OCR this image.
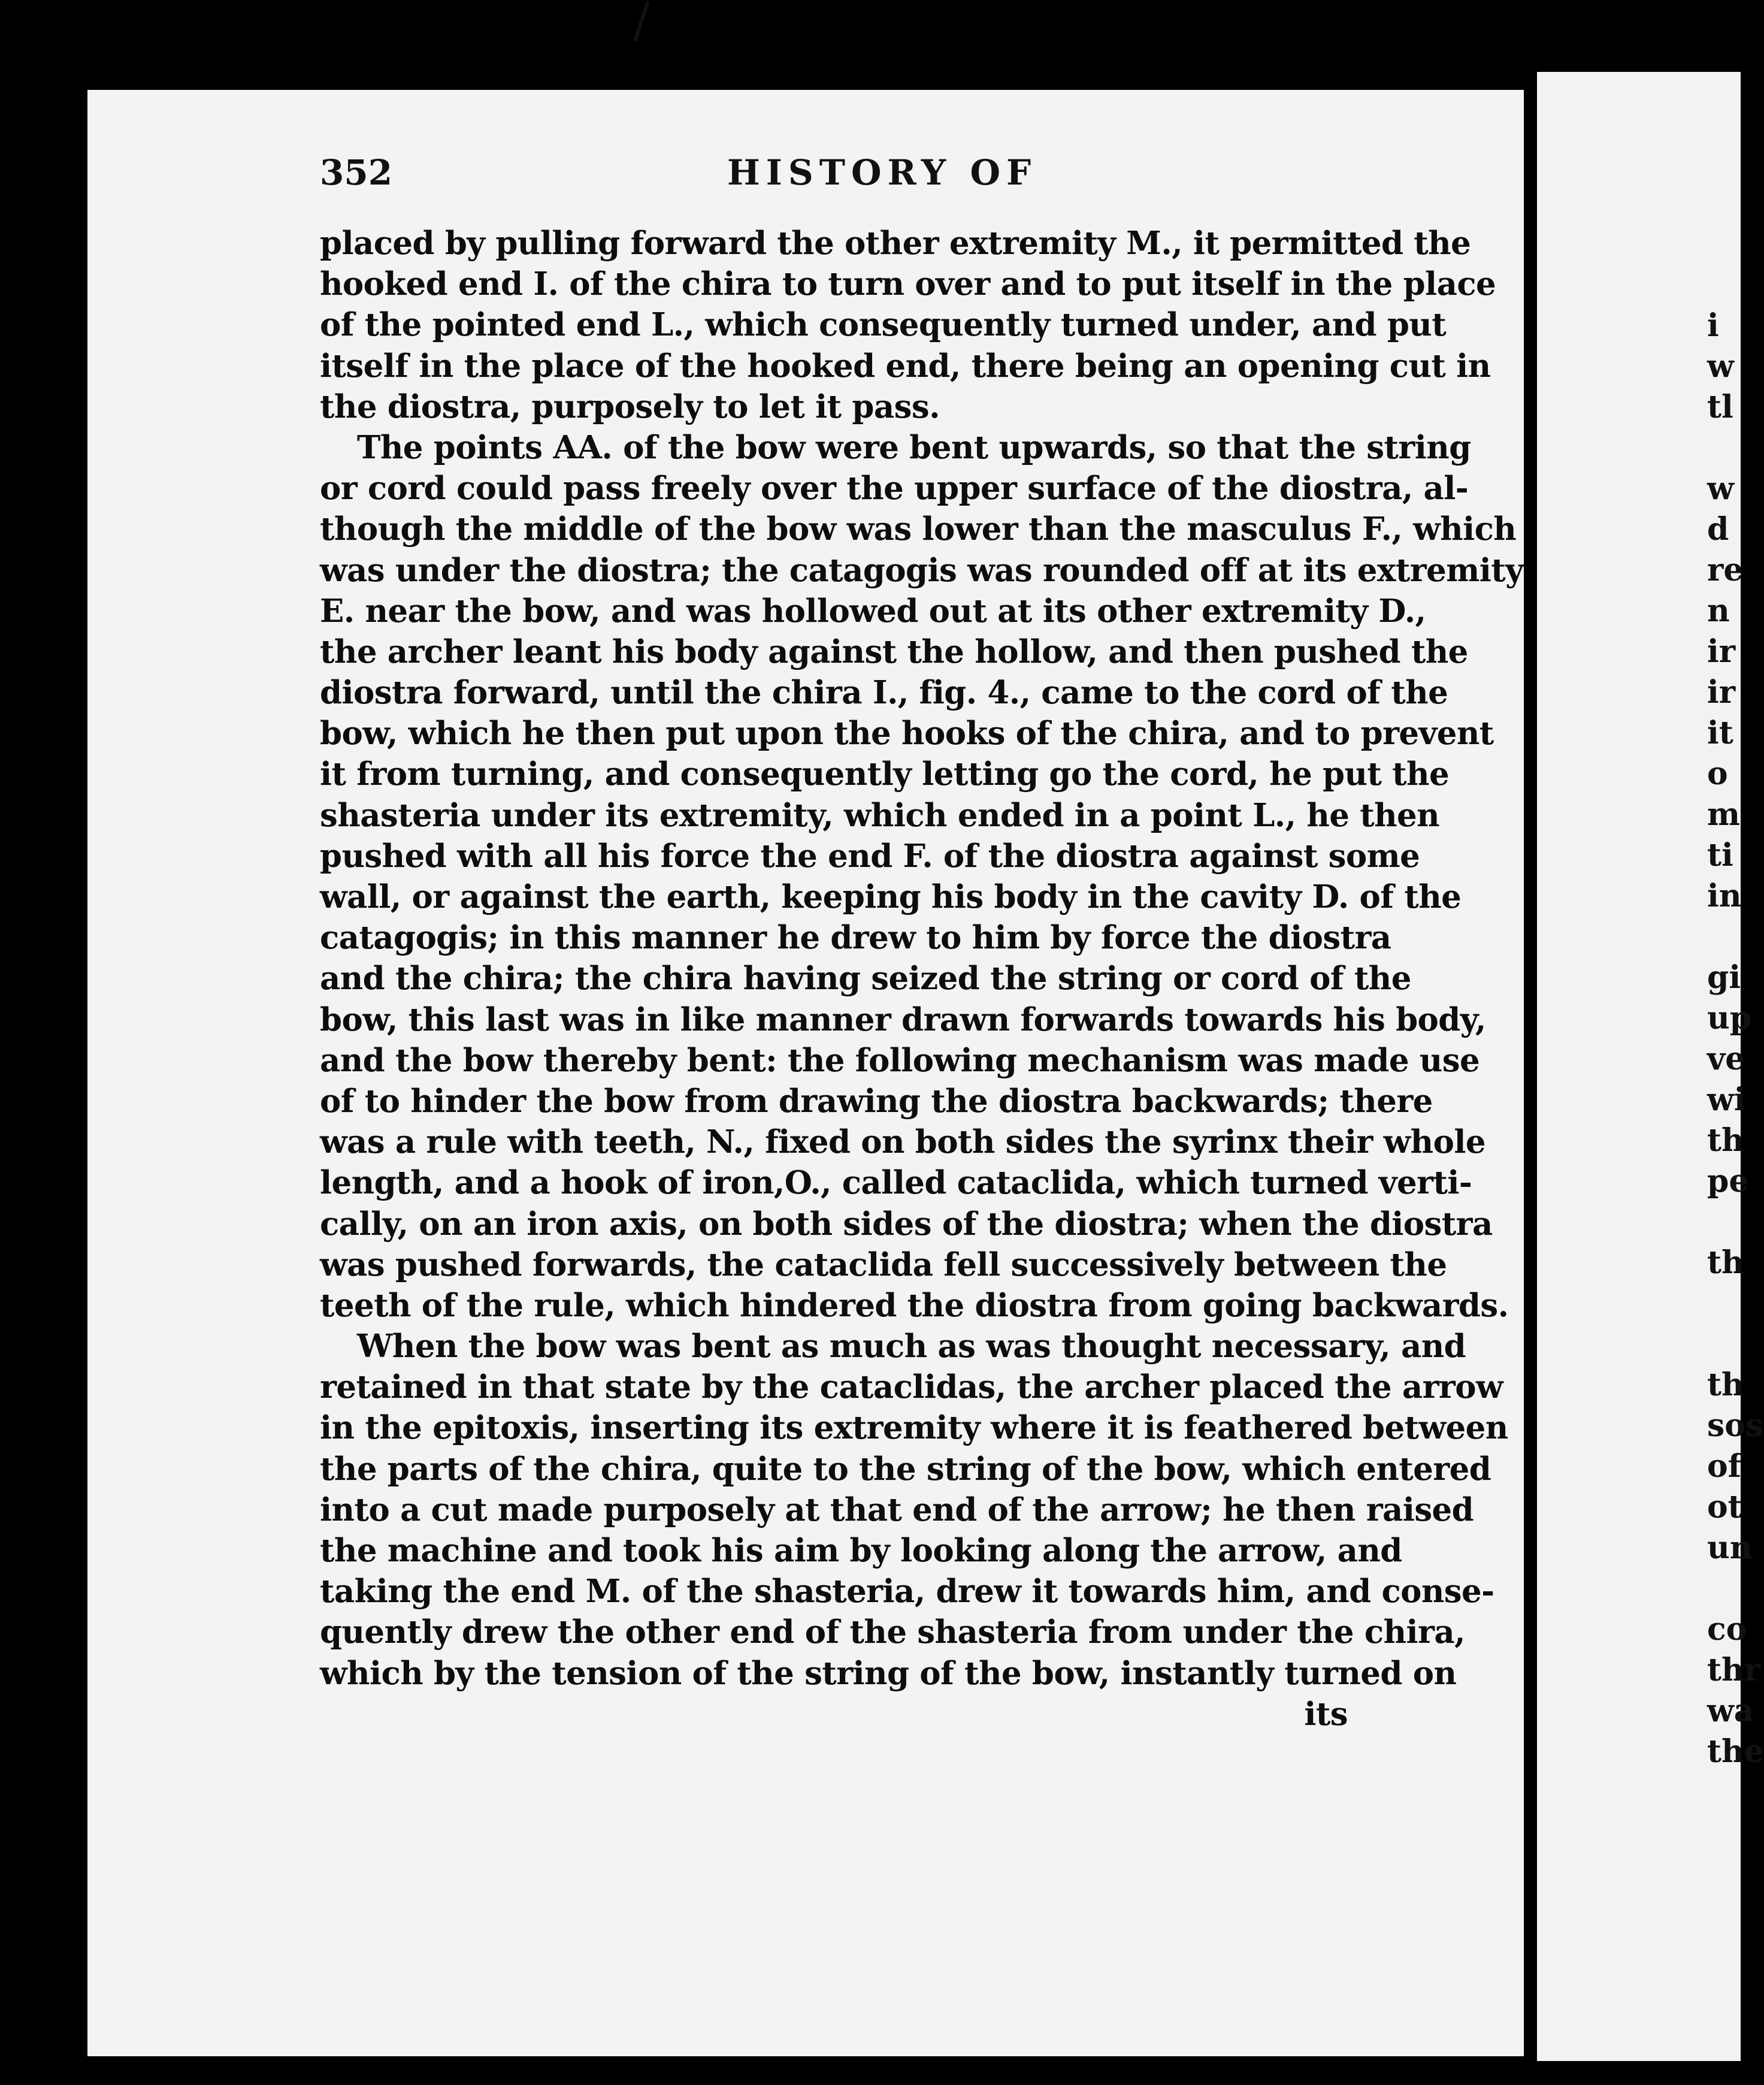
352	HISTORY OF
placed by pulling forward the other extremity M., it permitted the
hooked end I. of the chira to turn over and to put itself in the place
of the pointed end L., which consequently turned under, and put
itself in the place of the hooked end, there being an opening cut in
the diostra, purposely to let it pass.
The points AA. of the bow were bent upwards, so that the string
or cord could pass freely over the upper surface of the diostra, al-
though the middle of the bow was lower than the masculus F., which
was under the diostra; the catagogis was rounded off at its extremity
E. near the bow, and was hollowed out at its other extremity D.,
the archer leant his body against the hollow, and then pushed the
diostra forward, until the chira I., fig. 4., came to the cord of the
bow, which he then put upon the hooks of the chira, and to prevent
it from turning, and consequently letting go the cord, he put the
shasteria under its extremity, which ended in a point L., he then
pushed with all his force the end F. of the diostra against some
wall, or against the earth, keeping his body in the cavity D. of the
catagogis; in this manner he drew to him by force the diostra
and the chira; the chira having seized the string or cord of the
bow, this last was in like manner drawn forwards towards his body,
and the bow thereby bent: the following mechanism was made use
of to hinder the bow from drawing the diostra backwards; there
was a rule with teeth, N., fixed on both sides the syrinx their whole
length, and a hook of iron,O., called cataclida, which turned verti-
cally, on an iron axis, on both sides of the diostra; when the diostra
was pushed forwards, the cataclida fell successively between the
teeth of the rule, which hindered the diostra from going backwards.
When the bow was bent as much as was thought necessary, and
retained in that state by the cataclidas, the archer placed the arrow
in the epitoxis, inserting its extremity where it is feathered between
the parts of the chira, quite to the string of the bow, which entered
into a cut made purposely at that end of the arrow; he then raised
the machine and took his aim by looking along the arrow, and
taking the end M. of the shasteria, drew it towards him, and conse-
quently drew the other end of the shasteria from under the chira,
which by the tension of the string of the bow, instantly turned on
its
i
w
tl
w
d
re
n
ir
ir
it
o
m
ti
in
gi
up
ve
wi
th
pe
th
th
sos
of
ot
un
co
thr
wa
the
